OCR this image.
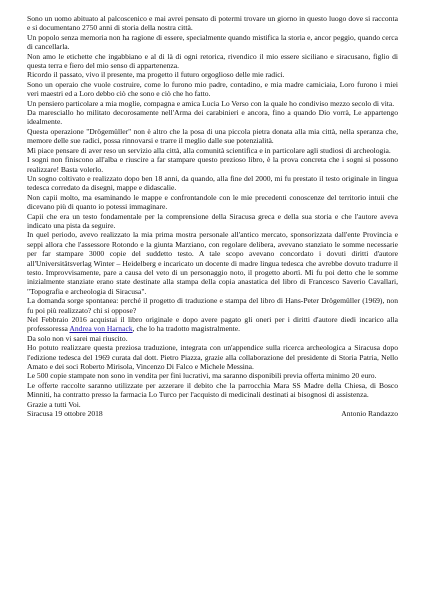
Sono un uomo abituato al palcoscenico e mai avrei pensato di potermi trovare un giorno in questo luogo dove si racconta e si documentano 2750 anni di storia della nostra città.

Un popolo senza memoria non ha ragione di essere, specialmente quando mistifica la storia e, ancor peggio, quando cerca di cancellarla.

Non amo le etichette che ingabbiano e al di là di ogni retorica, rivendico il mio essere siciliano e siracusano, figlio di questa terra e fiero del mio senso di appartenenza.

Ricordo il passato, vivo il presente, ma progetto il futuro orgoglioso delle mie radici.

Sono un operaio che vuole costruire, come lo furono mio padre, contadino, e mia madre camiciaia, Loro furono i miei veri maestri ed a Loro debbo ciò che sono e ciò che ho fatto.

Un pensiero particolare a mia moglie, compagna e amica Lucia Lo Verso con la quale ho condiviso mezzo secolo di vita.

Da maresciallo ho militato decorosamente nell'Arma dei carabinieri e ancora, fino a quando Dio vorrà, Le appartengo idealmente.

Questa operazione "Drögemüller" non è altro che la posa di una piccola pietra donata alla mia città, nella speranza che, memore delle sue radici, possa rinnovarsi e trarre il meglio dalle sue potenzialità.

Mi piace pensare di aver reso un servizio alla città, alla comunità scientifica e in particolare agli studiosi di archeologia.

I sogni non finiscono all'alba e riuscire a far stampare questo prezioso libro, è la prova concreta che i sogni si possono realizzare! Basta volerlo.

Un sogno coltivato e realizzato dopo ben 18 anni, da quando, alla fine del 2000, mi fu prestato il testo originale in lingua tedesca corredato da disegni, mappe e didascalie.

Non capii molto, ma esaminando le mappe e confrontandole con le mie precedenti conoscenze del territorio intuii che dicevano più di quanto io potessi immaginare.

Capii che era un testo fondamentale per la comprensione della Siracusa greca e della sua storia e che l'autore aveva indicato una pista da seguire.

In quel periodo, avevo realizzato la mia prima mostra personale all'antico mercato, sponsorizzata dall'ente Provincia e seppi allora che l'assessore Rotondo e la giunta Marziano, con regolare delibera, avevano stanziato le somme necessarie per far stampare 3000 copie del suddetto testo. A tale scopo avevano concordato i dovuti diritti d'autore all'Universitätsverlag Winter – Heidelberg e incaricato un docente di madre lingua tedesca che avrebbe dovuto tradurre il testo. Improvvisamente, pare a causa del veto di un personaggio noto, il progetto abortì. Mi fu poi detto che le somme inizialmente stanziate erano state destinate alla stampa della copia anastatica del libro di Francesco Saverio Cavallari, "Topografia e archeologia di Siracusa".

La domanda sorge spontanea: perché il progetto di traduzione e stampa del libro di Hans-Peter Drögemüller (1969), non fu poi più realizzato? chi si oppose?

Nel Febbraio 2016 acquistai il libro originale e dopo avere pagato gli oneri per i diritti d'autore diedi incarico alla professoressa Andrea von Harnack, che lo ha tradotto magistralmente.

Da solo non vi sarei mai riuscito.

Ho potuto realizzare questa preziosa traduzione, integrata con un'appendice sulla ricerca archeologica a Siracusa dopo l'edizione tedesca del 1969 curata dal dott. Pietro Piazza, grazie alla collaborazione del presidente di Storia Patria, Nello Amato e dei soci Roberto Mirisola, Vincenzo Di Falco e Michele Messina.

Le 500 copie stampate non sono in vendita per fini lucrativi, ma saranno disponibili previa offerta minimo 20 euro.

Le offerte raccolte saranno utilizzate per azzerare il debito che la parrocchia Mara SS Madre della Chiesa, di Bosco Minniti, ha contratto presso la farmacia Lo Turco per l'acquisto di medicinali destinati ai bisognosi di assistenza.

Grazie a tutti Voi.

Siracusa 19 ottobre 2018	Antonio Randazzo
